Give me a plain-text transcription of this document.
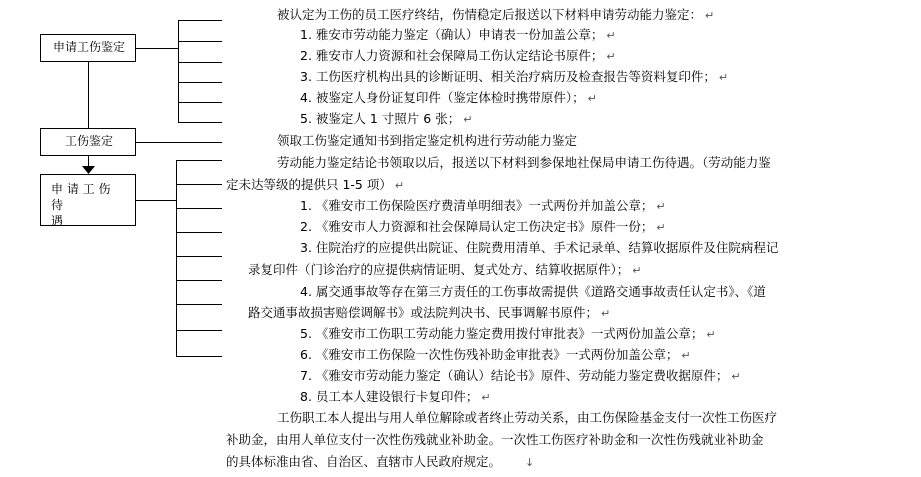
申请工伤鉴定
工伤鉴定
申 请 工 伤 待
遇
被认定为工伤的员工医疗终结，伤情稳定后报送以下材料申请劳动能力鉴定： ↵
1. 雅安市劳动能力鉴定（确认）申请表一份加盖公章； ↵
2. 雅安市人力资源和社会保障局工伤认定结论书原件； ↵
3. 工伤医疗机构出具的诊断证明、相关治疗病历及检查报告等资料复印件； ↵
4. 被鉴定人身份证复印件（鉴定体检时携带原件）； ↵
5. 被鉴定人 1 寸照片 6 张； ↵
领取工伤鉴定通知书到指定鉴定机构进行劳动能力鉴定
劳动能力鉴定结论书领取以后，报送以下材料到参保地社保局申请工伤待遇。（劳动能力鉴
定未达等级的提供只 1-5 项） ↵
1. 《雅安市工伤保险医疗费清单明细表》一式两份并加盖公章； ↵
2. 《雅安市人力资源和社会保障局认定工伤决定书》原件一份； ↵
3. 住院治疗的应提供出院证、住院费用清单、手术记录单、结算收据原件及住院病程记
录复印件（门诊治疗的应提供病情证明、复式处方、结算收据原件）； ↵
4. 属交通事故等存在第三方责任的工伤事故需提供《道路交通事故责任认定书》、《道
路交通事故损害赔偿调解书》或法院判决书、民事调解书原件； ↵
5. 《雅安市工伤职工劳动能力鉴定费用拨付审批表》一式两份加盖公章； ↵
6. 《雅安市工伤保险一次性伤残补助金审批表》一式两份加盖公章； ↵
7. 《雅安市劳动能力鉴定（确认）结论书》原件、劳动能力鉴定费收据原件； ↵
8. 员工本人建设银行卡复印件； ↵
工伤职工本人提出与用人单位解除或者终止劳动关系，由工伤保险基金支付一次性工伤医疗
补助金，由用人单位支付一次性伤残就业补助金。一次性工伤医疗补助金和一次性伤残就业补助金
的具体标准由省、自治区、直辖市人民政府规定。 ↓
